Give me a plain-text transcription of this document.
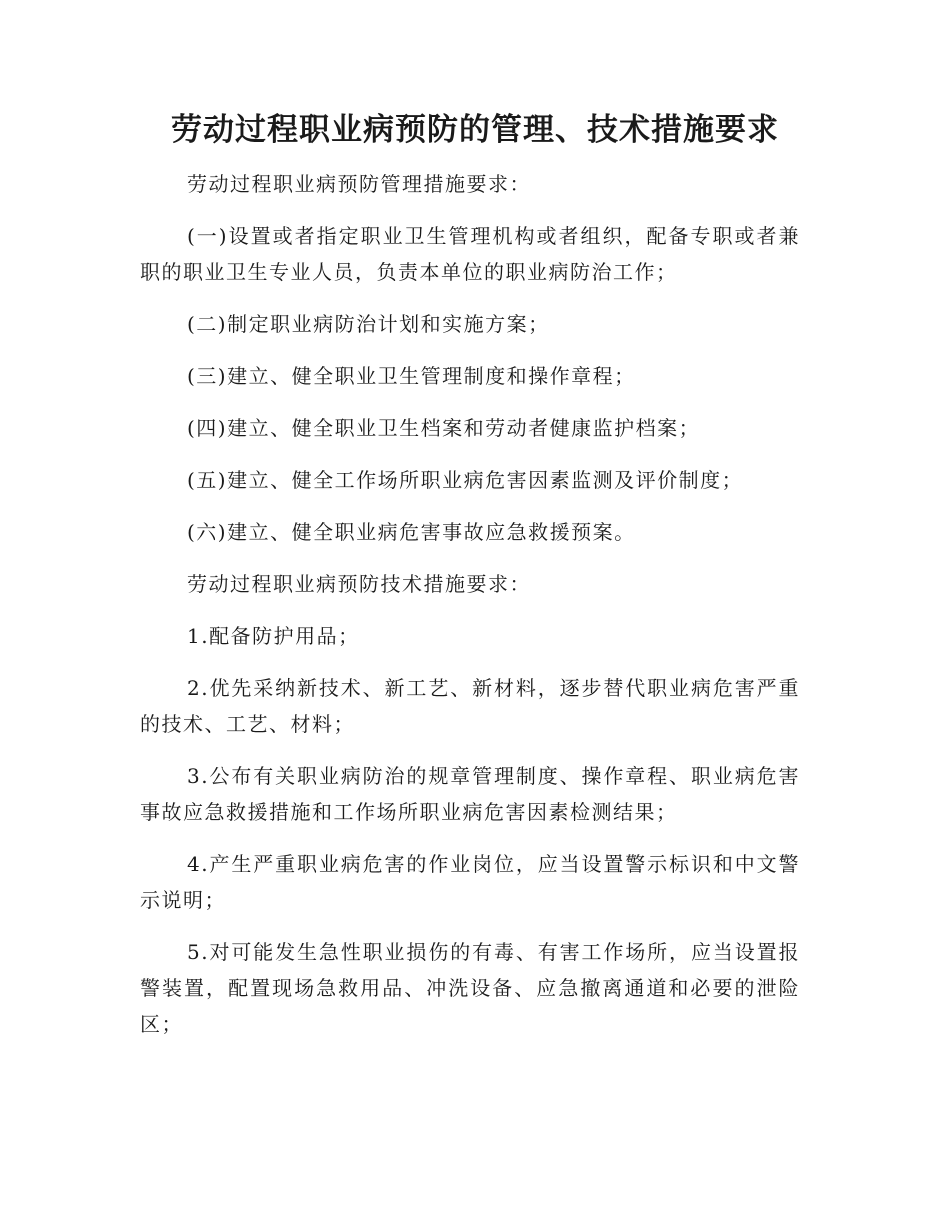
劳动过程职业病预防的管理、技术措施要求

劳动过程职业病预防管理措施要求：

(一)设置或者指定职业卫生管理机构或者组织，配备专职或者兼职的职业卫生专业人员，负责本单位的职业病防治工作；

(二)制定职业病防治计划和实施方案；

(三)建立、健全职业卫生管理制度和操作章程；

(四)建立、健全职业卫生档案和劳动者健康监护档案；

(五)建立、健全工作场所职业病危害因素监测及评价制度；

(六)建立、健全职业病危害事故应急救援预案。

劳动过程职业病预防技术措施要求：

1.配备防护用品；

2.优先采纳新技术、新工艺、新材料，逐步替代职业病危害严重的技术、工艺、材料；

3.公布有关职业病防治的规章管理制度、操作章程、职业病危害事故应急救援措施和工作场所职业病危害因素检测结果；

4.产生严重职业病危害的作业岗位，应当设置警示标识和中文警示说明；

5.对可能发生急性职业损伤的有毒、有害工作场所，应当设置报警装置，配置现场急救用品、冲洗设备、应急撤离通道和必要的泄险区；
